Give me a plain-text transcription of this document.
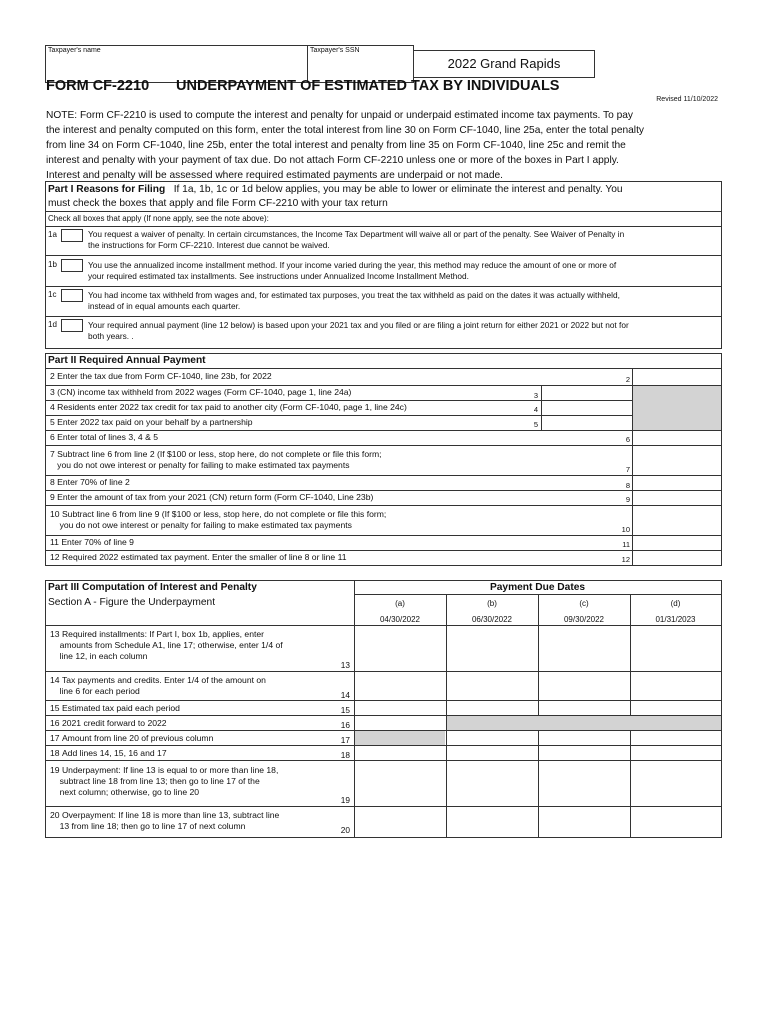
Taxpayer's name	Taxpayer's SSN
2022 Grand Rapids
FORM CF-2210 UNDERPAYMENT OF ESTIMATED TAX BY INDIVIDUALS
Revised 11/10/2022
NOTE: Form CF-2210 is used to compute the interest and penalty for unpaid or underpaid estimated income tax payments. To pay
the interest and penalty computed on this form, enter the total interest from line 30 on Form CF-1040, line 25a, enter the total penalty
from line 34 on Form CF-1040, line 25b, enter the total interest and penalty from line 35 on Form CF-1040, line 25c and remit the
interest and penalty with your payment of tax due. Do not attach Form CF-2210 unless one or more of the boxes in Part I apply.
Interest and penalty will be assessed where required estimated payments are underpaid or not made.
Part I Reasons for Filing If 1a, 1b, 1c or 1d below applies, you may be able to lower or eliminate the interest and penalty. You
must check the boxes that apply and file Form CF-2210 with your tax return
Check all boxes that apply (If none apply, see the note above):
1a	You request a waiver of penalty. In certain circumstances, the Income Tax Department will waive all or part of the penalty. See Waiver of Penalty in
the instructions for Form CF-2210. Interest due cannot be waived.
1b	You use the annualized income installment method. If your income varied during the year, this method may reduce the amount of one or more of
your required estimated tax installments. See instructions under Annualized Income Installment Method.
1c	You had income tax withheld from wages and, for estimated tax purposes, you treat the tax withheld as paid on the dates it was actually withheld,
instead of in equal amounts each quarter.
1d	Your required annual payment (line 12 below) is based upon your 2021 tax and you filed or are filing a joint return for either 2021 or 2022 but not for
both years. .
Part II Required Annual Payment
2 Enter the tax due from Form CF-1040, line 23b, for 2022	2
3 (CN) income tax withheld from 2022 wages (Form CF-1040, page 1, line 24a)	3
4 Residents enter 2022 tax credit for tax paid to another city (Form CF-1040, page 1, line 24c)	4
5 Enter 2022 tax paid on your behalf by a partnership	5
6 Enter total of lines 3, 4 & 5	6
7 Subtract line 6 from line 2 (If $100 or less, stop here, do not complete or file this form;
you do not owe interest or penalty for failing to make estimated tax payments	7
8 Enter 70% of line 2	8
9 Enter the amount of tax from your 2021 (CN) return form (Form CF-1040, Line 23b)	9
10 Subtract line 6 from line 9 (If $100 or less, stop here, do not complete or file this form;
you do not owe interest or penalty for failing to make estimated tax payments	10
11 Enter 70% of line 9	11
12 Required 2022 estimated tax payment. Enter the smaller of line 8 or line 11	12
Part III Computation of Interest and Penalty
Section A - Figure the Underpayment
Payment Due Dates
(a)
04/30/2022
(b)
06/30/2022
(c)
09/30/2022
(d)
01/31/2023
13 Required installments: If Part I, box 1b, applies, enter
amounts from Schedule A1, line 17; otherwise, enter 1/4 of
line 12, in each column
13
14 Tax payments and credits. Enter 1/4 of the amount on
line 6 for each period	14
15 Estimated tax paid each period	15
16 2021 credit forward to 2022	16
17 Amount from line 20 of previous column	17
18 Add lines 14, 15, 16 and 17	18
19 Underpayment: If line 13 is equal to or more than line 18,
subtract line 18 from line 13; then go to line 17 of the
next column; otherwise, go to line 20
19
20 Overpayment: If line 18 is more than line 13, subtract line
13 from line 18; then go to line 17 of next column	20
